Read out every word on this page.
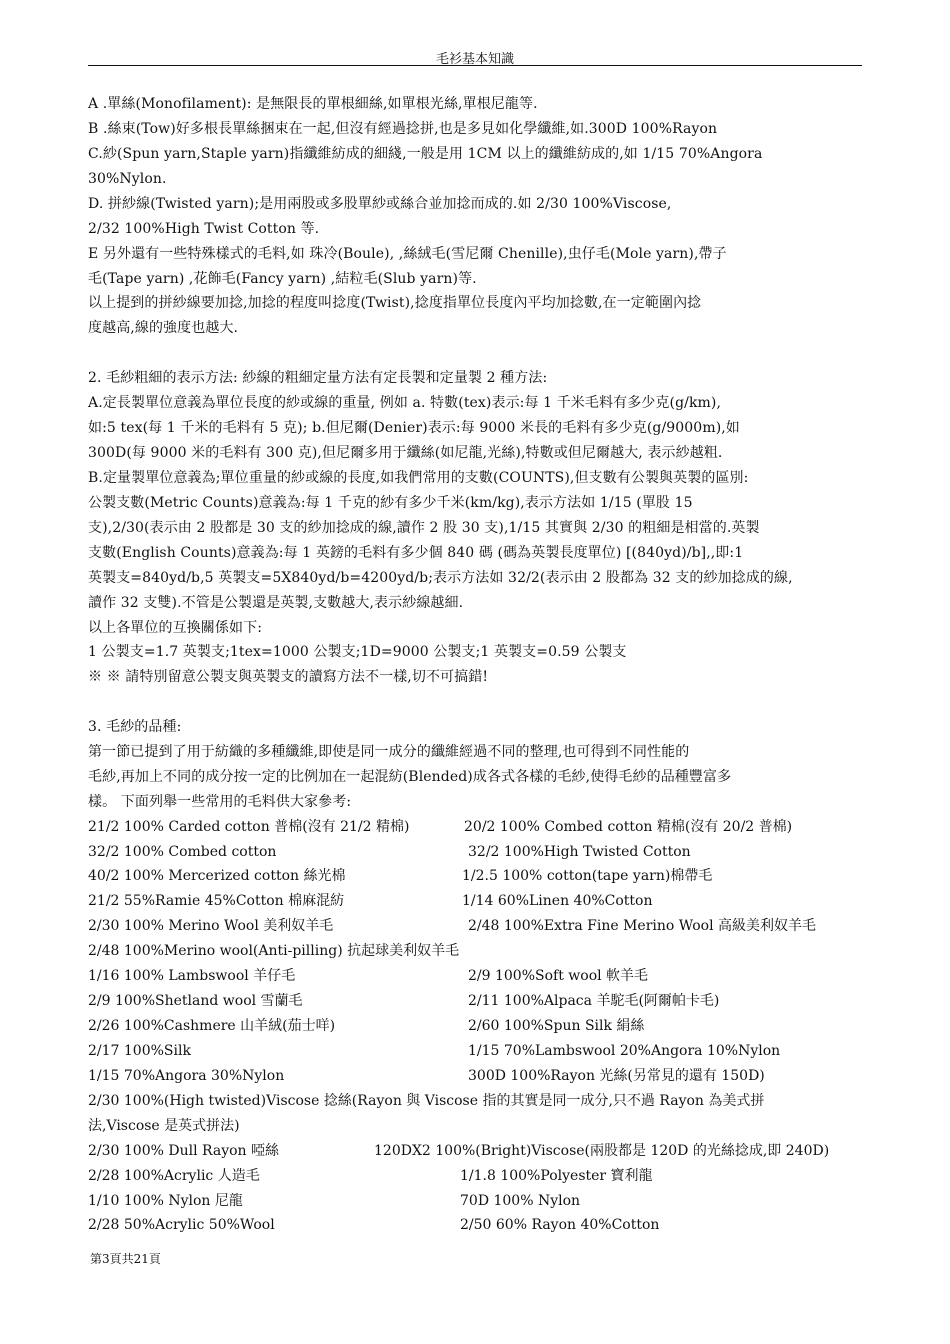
毛衫基本知識
A .單絲(Monofilament): 是無限長的單根細絲,如單根光絲,單根尼龍等.
B .絲束(Tow)好多根長單絲捆束在一起,但沒有經過捻拼,也是多見如化學纖維,如.300D 100%Rayon
C.紗(Spun yarn,Staple yarn)指纖維紡成的細綫,一般是用 1CM 以上的纖維紡成的,如 1/15 70%Angora
30%Nylon.
D. 拼紗線(Twisted yarn);是用兩股或多股單紗或絲合並加捻而成的.如 2/30 100%Viscose,
2/32 100%High Twist Cotton 等.
E 另外還有一些特殊樣式的毛料,如 珠冷(Boule), ,絲絨毛(雪尼爾 Chenille),虫仔毛(Mole yarn),帶子
毛(Tape yarn) ,花飾毛(Fancy yarn) ,結粒毛(Slub yarn)等.
以上提到的拼紗線要加捻,加捻的程度叫捻度(Twist),捻度指單位長度內平均加捻數,在一定範圍內捻
度越高,線的強度也越大.
2. 毛紗粗細的表示方法: 紗線的粗細定量方法有定長製和定量製 2 種方法:
A.定長製單位意義為單位長度的紗或線的重量, 例如 a. 特數(tex)表示:每 1 千米毛料有多少克(g/km),
如:5 tex(每 1 千米的毛料有 5 克); b.但尼爾(Denier)表示:每 9000 米長的毛料有多少克(g/9000m),如
300D(每 9000 米的毛料有 300 克),但尼爾多用于纖絲(如尼龍,光絲),特數或但尼爾越大, 表示紗越粗.
B.定量製單位意義為;單位重量的紗或線的長度,如我們常用的支數(COUNTS),但支數有公製與英製的區別:
公製支數(Metric Counts)意義為:每 1 千克的紗有多少千米(km/kg),表示方法如 1/15 (單股 15
支),2/30(表示由 2 股都是 30 支的紗加捻成的線,讀作 2 股 30 支),1/15 其實與 2/30 的粗細是相當的.英製
支數(English Counts)意義為:每 1 英鎊的毛料有多少個 840 碼 (碼為英製長度單位) [(840yd)/b],,即:1
英製支=840yd/b,5 英製支=5X840yd/b=4200yd/b;表示方法如 32/2(表示由 2 股都為 32 支的紗加捻成的線,
讀作 32 支雙).不管是公製還是英製,支數越大,表示紗線越細.
以上各單位的互換關係如下:
1 公製支=1.7 英製支;1tex=1000 公製支;1D=9000 公製支;1 英製支=0.59 公製支
※ ※ 請特別留意公製支與英製支的讀寫方法不一樣,切不可搞錯!
3. 毛紗的品種:
第一節已提到了用于紡織的多種纖維,即使是同一成分的纖維經過不同的整理,也可得到不同性能的
毛紗,再加上不同的成分按一定的比例加在一起混紡(Blended)成各式各樣的毛紗,使得毛紗的品種豐富多
樣。 下面列舉一些常用的毛料供大家參考:
21/2 100% Carded cotton 普棉(沒有 21/2 精棉)	20/2 100% Combed cotton 精棉(沒有 20/2 普棉)
32/2 100% Combed cotton	32/2 100%High Twisted Cotton
40/2 100% Mercerized cotton 絲光棉	1/2.5 100% cotton(tape yarn)棉帶毛
21/2 55%Ramie 45%Cotton 棉麻混紡	1/14 60%Linen 40%Cotton
2/30 100% Merino Wool 美利奴羊毛	2/48 100%Extra Fine Merino Wool 高級美利奴羊毛
2/48 100%Merino wool(Anti-pilling) 抗起球美利奴羊毛
1/16 100% Lambswool 羊仔毛	2/9 100%Soft wool 軟羊毛
2/9 100%Shetland wool 雪蘭毛	2/11 100%Alpaca 羊駝毛(阿爾帕卡毛)
2/26 100%Cashmere 山羊絨(茄士咩)	2/60 100%Spun Silk 絹絲
2/17 100%Silk	1/15 70%Lambswool 20%Angora 10%Nylon
1/15 70%Angora 30%Nylon	300D 100%Rayon 光絲(另常見的還有 150D)
2/30 100%(High twisted)Viscose 捻絲(Rayon 與 Viscose 指的其實是同一成分,只不過 Rayon 為美式拼
法,Viscose 是英式拼法)
2/30 100% Dull Rayon 啞絲	120DX2 100%(Bright)Viscose(兩股都是 120D 的光絲捻成,即 240D)
2/28 100%Acrylic 人造毛	1/1.8 100%Polyester 寶利龍
1/10 100% Nylon 尼龍	70D 100% Nylon
2/28 50%Acrylic 50%Wool	2/50 60% Rayon 40%Cotton
第3頁共21頁
